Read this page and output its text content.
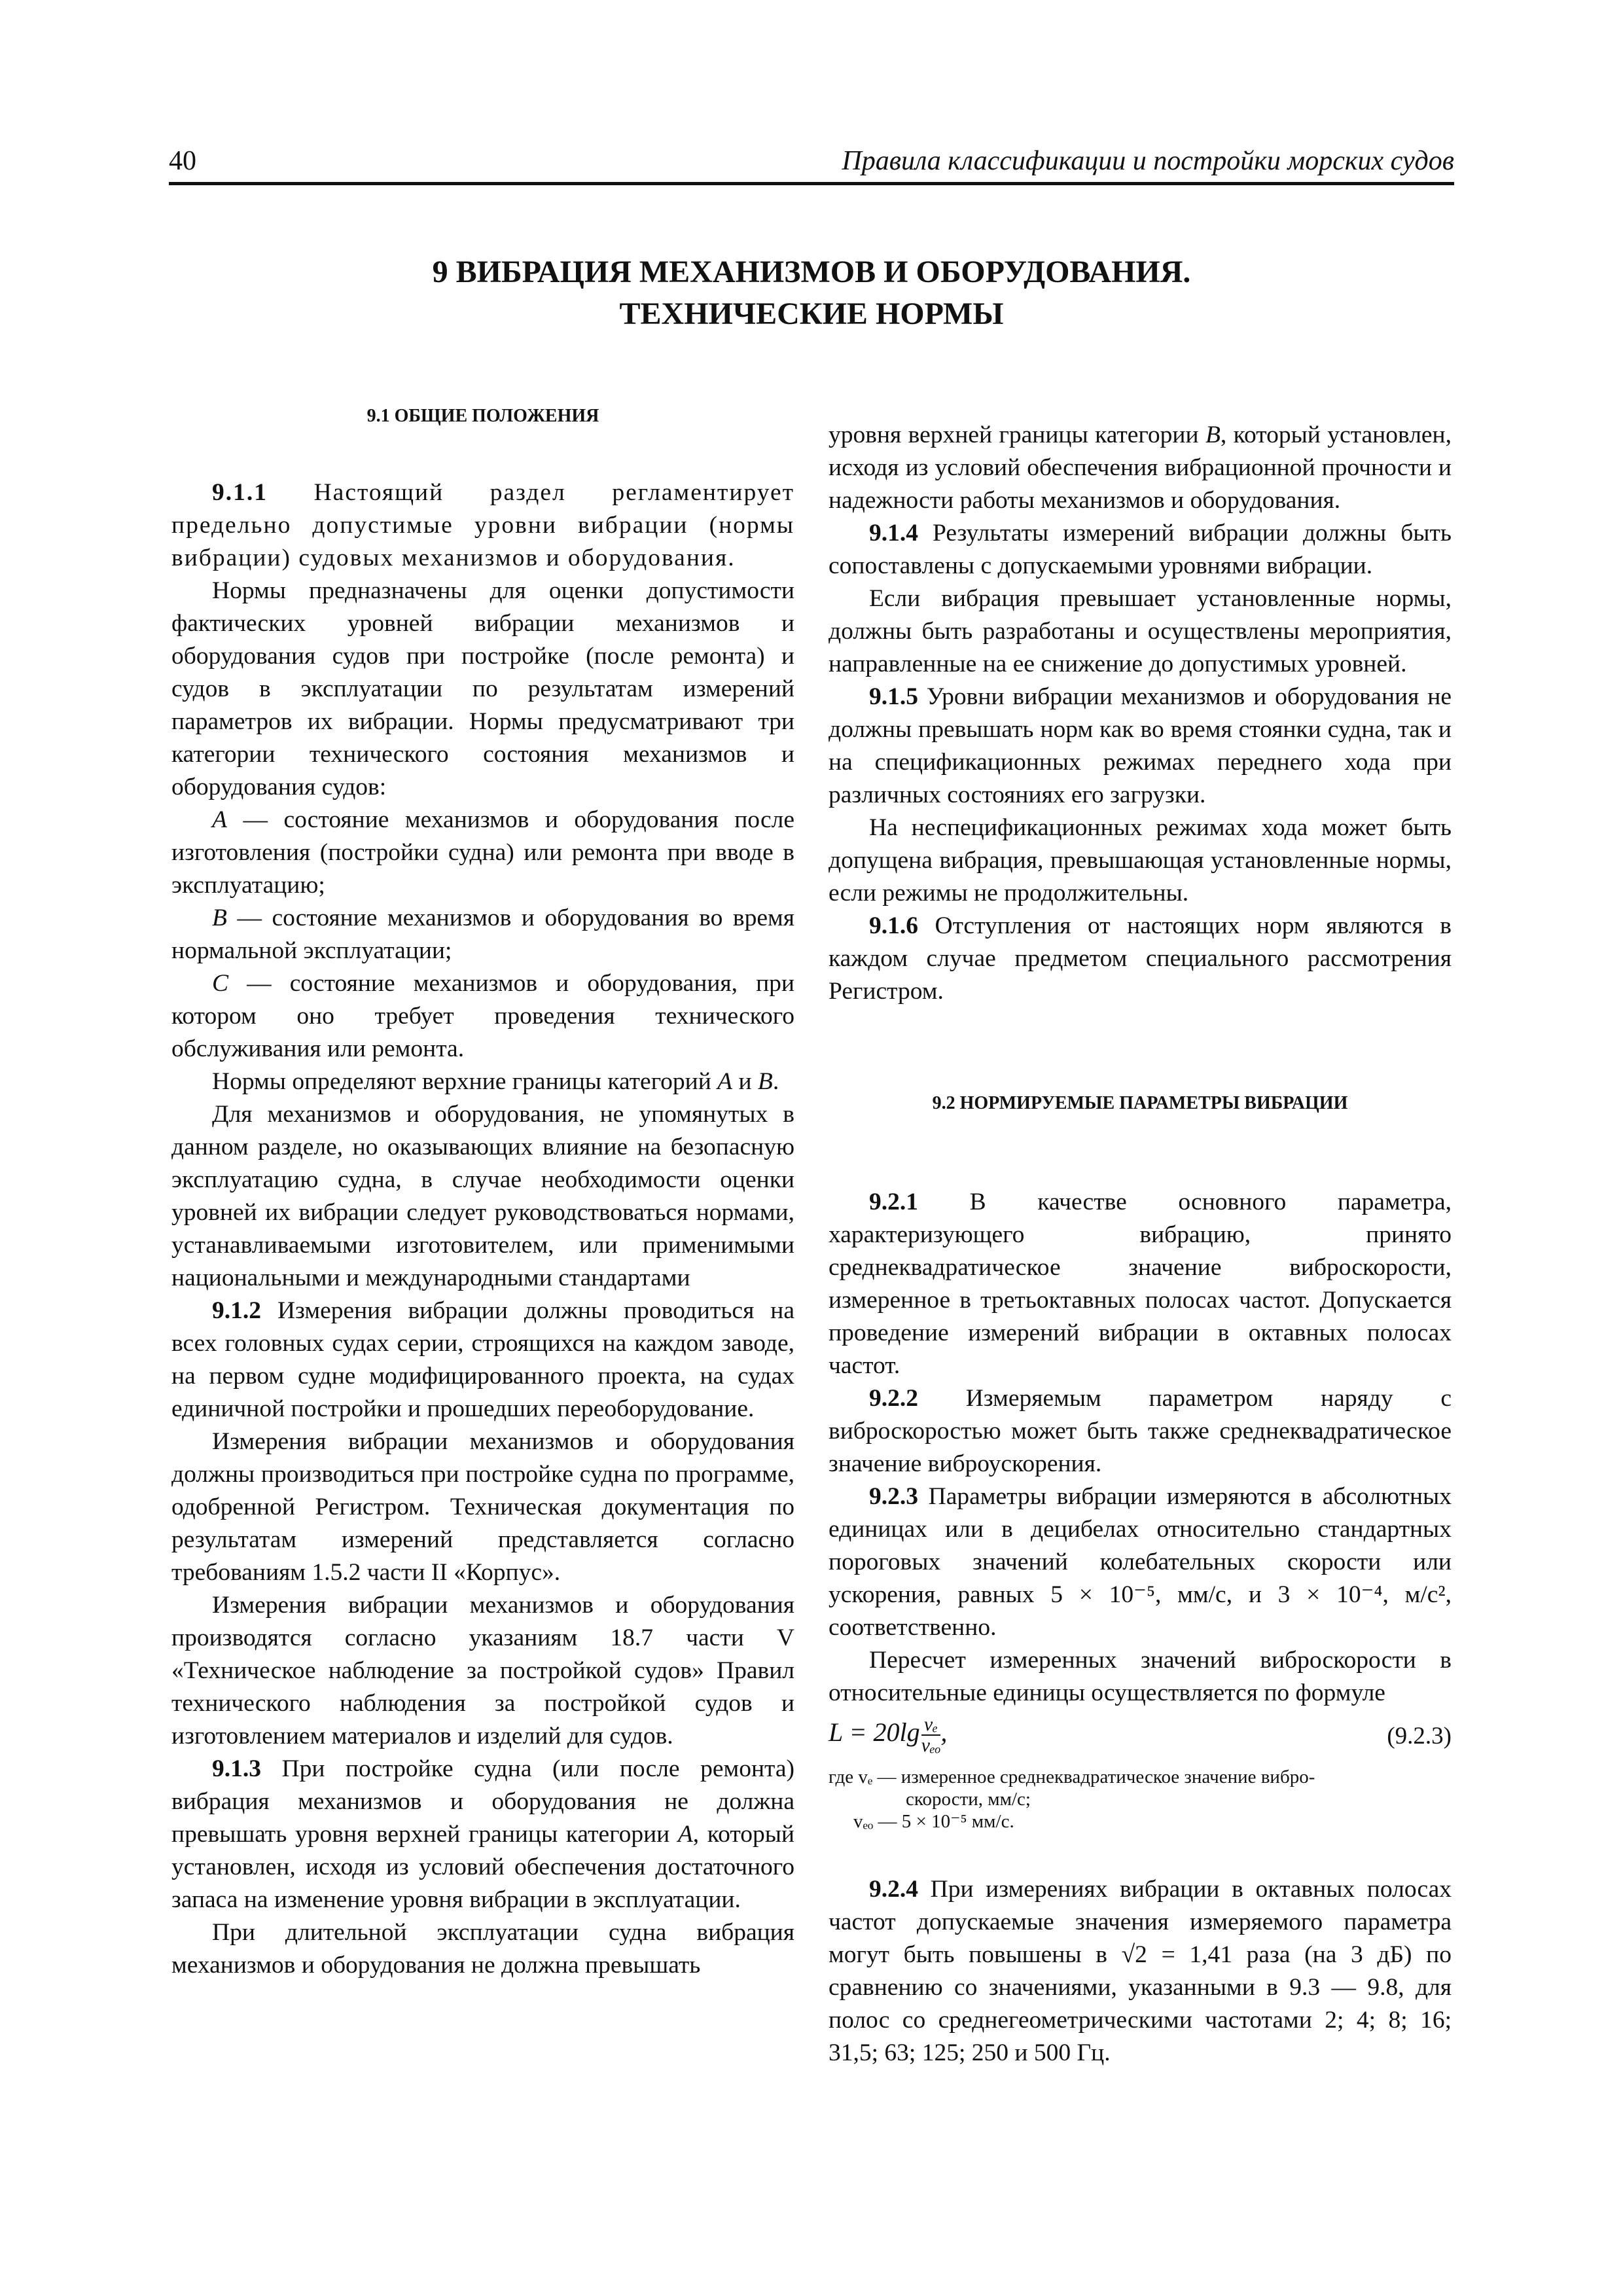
40	Правила классификации и постройки морских судов
9 ВИБРАЦИЯ МЕХАНИЗМОВ И ОБОРУДОВАНИЯ.
ТЕХНИЧЕСКИЕ НОРМЫ
9.1 ОБЩИЕ ПОЛОЖЕНИЯ

9.1.1 Настоящий раздел регламентирует предельно допустимые уровни вибрации (нормы вибрации) судовых механизмов и оборудования.

Нормы предназначены для оценки допустимости фактических уровней вибрации механизмов и оборудования судов при постройке (после ремонта) и судов в эксплуатации по результатам измерений параметров их вибрации. Нормы предусматривают три категории технического состояния механизмов и оборудования судов:

A — состояние механизмов и оборудования после изготовления (постройки судна) или ремонта при вводе в эксплуатацию;

B — состояние механизмов и оборудования во время нормальной эксплуатации;

C — состояние механизмов и оборудования, при котором оно требует проведения технического обслуживания или ремонта.

Нормы определяют верхние границы категорий A и B.

Для механизмов и оборудования, не упомянутых в данном разделе, но оказывающих влияние на безопасную эксплуатацию судна, в случае необходимости оценки уровней их вибрации следует руководствоваться нормами, устанавливаемыми изготовителем, или применимыми национальными и международными стандартами

9.1.2 Измерения вибрации должны проводиться на всех головных судах серии, строящихся на каждом заводе, на первом судне модифицированного проекта, на судах единичной постройки и прошедших переоборудование.

Измерения вибрации механизмов и оборудования должны производиться при постройке судна по программе, одобренной Регистром. Техническая документация по результатам измерений представляется согласно требованиям 1.5.2 части II «Корпус».

Измерения вибрации механизмов и оборудования производятся согласно указаниям 18.7 части V «Техническое наблюдение за постройкой судов» Правил технического наблюдения за постройкой судов и изготовлением материалов и изделий для судов.

9.1.3 При постройке судна (или после ремонта) вибрация механизмов и оборудования не должна превышать уровня верхней границы категории A, который установлен, исходя из условий обеспечения достаточного запаса на изменение уровня вибрации в эксплуатации.

При длительной эксплуатации судна вибрация механизмов и оборудования не должна превышать

уровня верхней границы категории B, который установлен, исходя из условий обеспечения вибрационной прочности и надежности работы механизмов и оборудования.

9.1.4 Результаты измерений вибрации должны быть сопоставлены с допускаемыми уровнями вибрации.

Если вибрация превышает установленные нормы, должны быть разработаны и осуществлены мероприятия, направленные на ее снижение до допустимых уровней.

9.1.5 Уровни вибрации механизмов и оборудования не должны превышать норм как во время стоянки судна, так и на спецификационных режимах переднего хода при различных состояниях его загрузки.

На неспецификационных режимах хода может быть допущена вибрация, превышающая установленные нормы, если режимы не продолжительны.

9.1.6 Отступления от настоящих норм являются в каждом случае предметом специального рассмотрения Регистром.

9.2 НОРМИРУЕМЫЕ ПАРАМЕТРЫ ВИБРАЦИИ

9.2.1 В качестве основного параметра, характеризующего вибрацию, принято среднеквадратическое значение виброскорости, измеренное в третьоктавных полосах частот. Допускается проведение измерений вибрации в октавных полосах частот.

9.2.2 Измеряемым параметром наряду с виброскоростью может быть также среднеквадратическое значение виброускорения.

9.2.3 Параметры вибрации измеряются в абсолютных единицах или в децибелах относительно стандартных пороговых значений колебательных скорости или ускорения, равных 5 × 10⁻⁵, мм/с, и 3 × 10⁻⁴, м/с², соответственно.

Пересчет измеренных значений виброскорости в относительные единицы осуществляется по формуле

$L = 20\lg \frac{\text{vₑ}}{\text{vₑₒ}}$ ,	(9.2.3)
где vₑ — измеренное среднеквадратическое значение вибро-
скорости, мм/с;
vₑₒ — 5 × 10⁻⁵ мм/с.

9.2.4 При измерениях вибрации в октавных полосах частот допускаемые значения измеряемого параметра могут быть повышены в √2 = 1,41 раза (на 3 дБ) по сравнению со значениями, указанными в 9.3 — 9.8, для полос со среднегеометрическими частотами 2; 4; 8; 16; 31,5; 63; 125; 250 и 500 Гц.
